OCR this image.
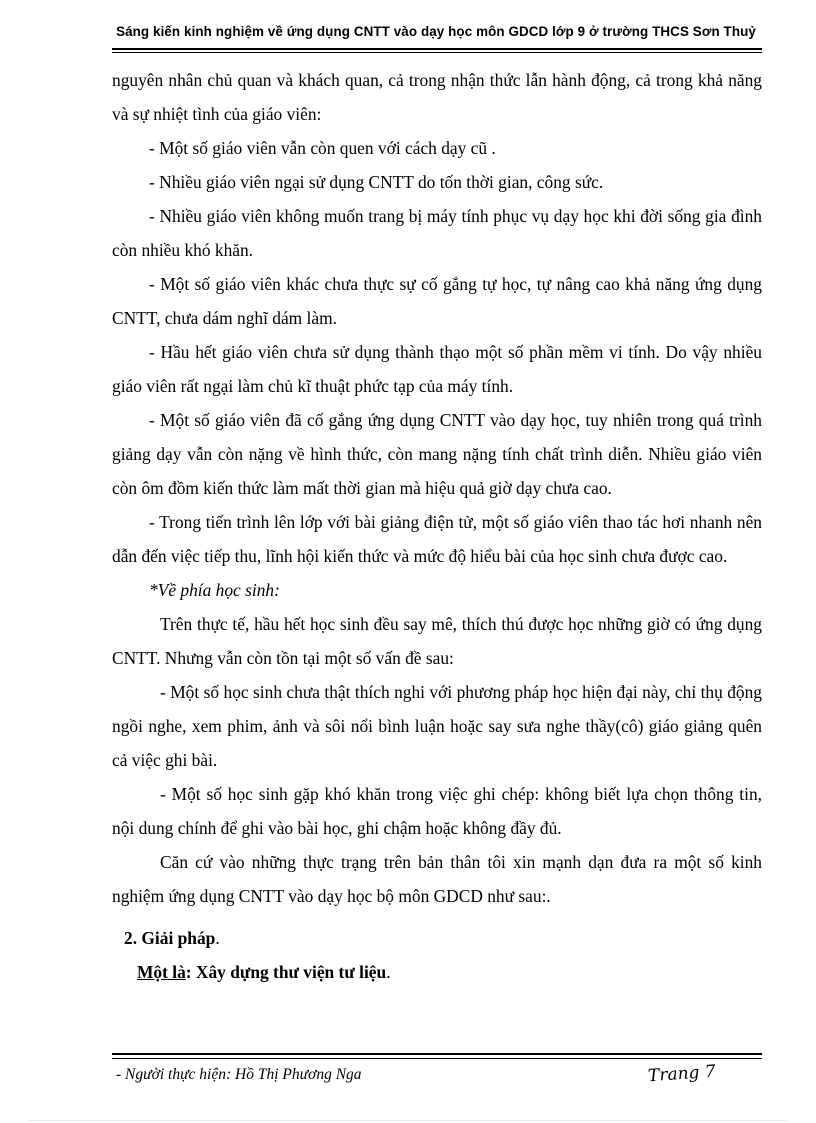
Sáng kiến kinh nghiệm về ứng dụng CNTT vào dạy học môn GDCD lớp 9 ở trường THCS Sơn Thuỷ

nguyên nhân chủ quan và khách quan, cả trong nhận thức lẫn hành động, cả trong khả năng và sự nhiệt tình của giáo viên:

- Một số giáo viên vẫn còn quen với cách dạy cũ .

- Nhiều giáo viên ngại sử dụng CNTT do tốn thời gian, công sức.

- Nhiều giáo viên không muốn trang bị máy tính phục vụ dạy học khi đời sống gia đình còn nhiều khó khăn.

- Một số giáo viên khác chưa thực sự cố gắng tự học, tự nâng cao khả năng ứng dụng CNTT, chưa dám nghĩ dám làm.

- Hầu hết giáo viên chưa sử dụng thành thạo một số phần mềm vi tính. Do vậy nhiều giáo viên rất ngại làm chủ kĩ thuật phức tạp của máy tính.

- Một số giáo viên đã cố gắng ứng dụng CNTT vào dạy học, tuy nhiên trong quá trình giảng dạy vẫn còn nặng về hình thức, còn mang nặng tính chất trình diễn. Nhiều giáo viên còn ôm đồm kiến thức làm mất thời gian mà hiệu quả giờ dạy chưa cao.

- Trong tiến trình lên lớp với bài giảng điện tử, một số giáo viên thao tác hơi nhanh nên dẫn đến việc tiếp thu, lĩnh hội kiến thức và mức độ hiểu bài của học sinh chưa được cao.

*Về phía học sinh:

Trên thực tế, hầu hết học sinh đều say mê, thích thú được học những giờ có ứng dụng CNTT. Nhưng vẫn còn tồn tại một số vấn đề sau:

- Một số học sinh chưa thật thích nghi với phương pháp học hiện đại này, chỉ thụ động ngồi nghe, xem phim, ảnh và sôi nổi bình luận hoặc say sưa nghe thầy(cô) giáo giảng quên cả việc ghi bài.

- Một số học sinh gặp khó khăn trong việc ghi chép: không biết lựa chọn thông tin, nội dung chính để ghi vào bài học, ghi chậm hoặc không đầy đủ.

Căn cứ vào những thực trạng trên bản thân tôi xin mạnh dạn đưa ra một số kinh nghiệm ứng dụng CNTT vào dạy học bộ môn GDCD như sau:.

2. Giải pháp.

Một là: Xây dựng thư viện tư liệu.

- Người thực hiện: Hồ Thị Phương Nga	Trang 7
